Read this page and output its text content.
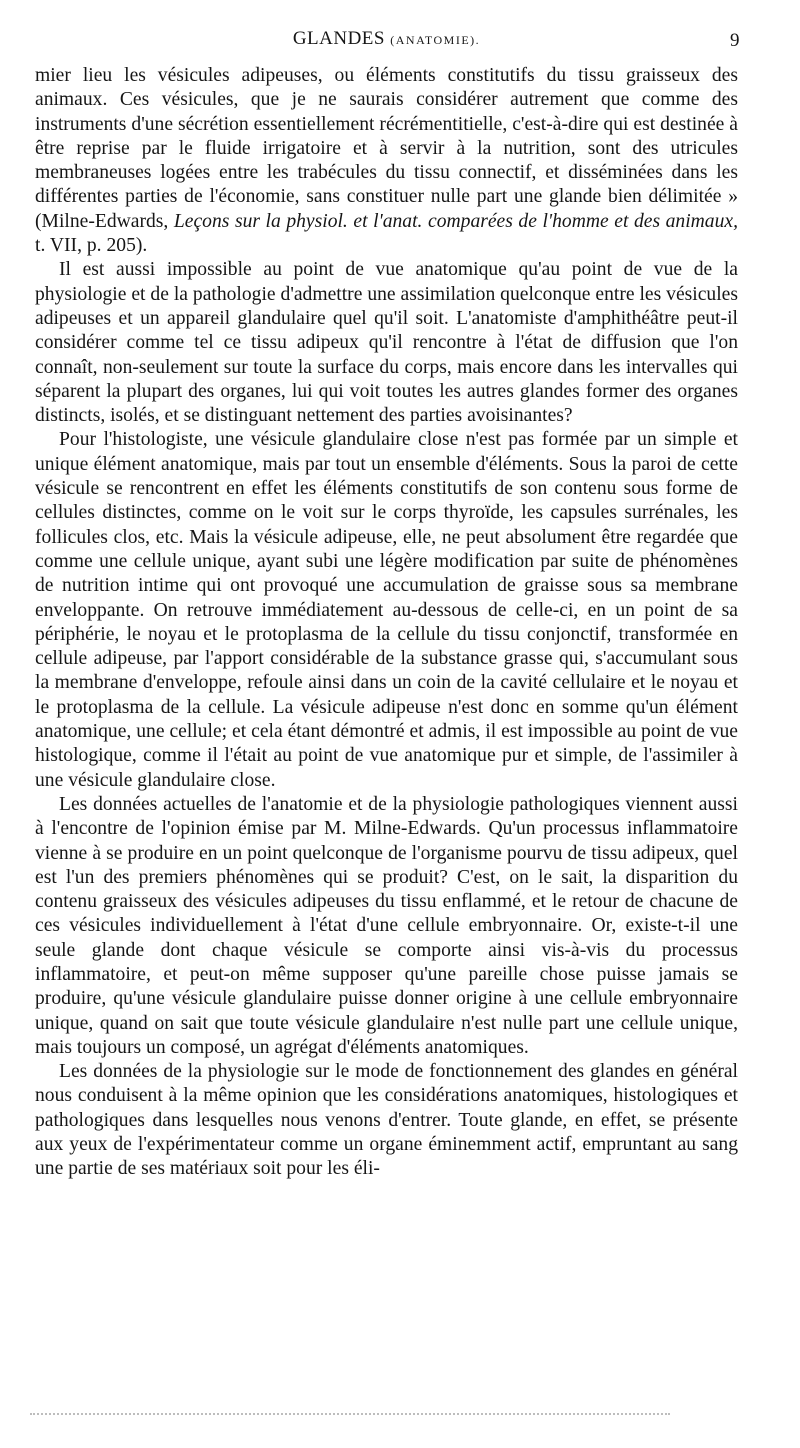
GLANDES (ANATOMIE).	9

mier lieu les vésicules adipeuses, ou éléments constitutifs du tissu graisseux des animaux. Ces vésicules, que je ne saurais considérer autrement que comme des instruments d'une sécrétion essentiellement récrémentitielle, c'est-à-dire qui est destinée à être reprise par le fluide irrigatoire et à servir à la nutrition, sont des utricules membraneuses logées entre les trabécules du tissu connectif, et disséminées dans les différentes parties de l'économie, sans constituer nulle part une glande bien délimitée » (Milne-Edwards, Leçons sur la physiol. et l'anat. comparées de l'homme et des animaux, t. VII, p. 205).

Il est aussi impossible au point de vue anatomique qu'au point de vue de la physiologie et de la pathologie d'admettre une assimilation quelconque entre les vésicules adipeuses et un appareil glandulaire quel qu'il soit. L'anatomiste d'amphithéâtre peut-il considérer comme tel ce tissu adipeux qu'il rencontre à l'état de diffusion que l'on connaît, non-seulement sur toute la surface du corps, mais encore dans les intervalles qui séparent la plupart des organes, lui qui voit toutes les autres glandes former des organes distincts, isolés, et se distinguant nettement des parties avoisinantes?

Pour l'histologiste, une vésicule glandulaire close n'est pas formée par un simple et unique élément anatomique, mais par tout un ensemble d'éléments. Sous la paroi de cette vésicule se rencontrent en effet les éléments constitutifs de son contenu sous forme de cellules distinctes, comme on le voit sur le corps thyroïde, les capsules surrénales, les follicules clos, etc. Mais la vésicule adipeuse, elle, ne peut absolument être regardée que comme une cellule unique, ayant subi une légère modification par suite de phénomènes de nutrition intime qui ont provoqué une accumulation de graisse sous sa membrane enveloppante. On retrouve immédiatement au-dessous de celle-ci, en un point de sa périphérie, le noyau et le protoplasma de la cellule du tissu conjonctif, transformée en cellule adipeuse, par l'apport considérable de la substance grasse qui, s'accumulant sous la membrane d'enveloppe, refoule ainsi dans un coin de la cavité cellulaire et le noyau et le protoplasma de la cellule. La vésicule adipeuse n'est donc en somme qu'un élément anatomique, une cellule; et cela étant démontré et admis, il est impossible au point de vue histologique, comme il l'était au point de vue anatomique pur et simple, de l'assimiler à une vésicule glandulaire close.

Les données actuelles de l'anatomie et de la physiologie pathologiques viennent aussi à l'encontre de l'opinion émise par M. Milne-Edwards. Qu'un processus inflammatoire vienne à se produire en un point quelconque de l'organisme pourvu de tissu adipeux, quel est l'un des premiers phénomènes qui se produit? C'est, on le sait, la disparition du contenu graisseux des vésicules adipeuses du tissu enflammé, et le retour de chacune de ces vésicules individuellement à l'état d'une cellule embryonnaire. Or, existe-t-il une seule glande dont chaque vésicule se comporte ainsi vis-à-vis du processus inflammatoire, et peut-on même supposer qu'une pareille chose puisse jamais se produire, qu'une vésicule glandulaire puisse donner origine à une cellule embryonnaire unique, quand on sait que toute vésicule glandulaire n'est nulle part une cellule unique, mais toujours un composé, un agrégat d'éléments anatomiques.

Les données de la physiologie sur le mode de fonctionnement des glandes en général nous conduisent à la même opinion que les considérations anatomiques, histologiques et pathologiques dans lesquelles nous venons d'entrer. Toute glande, en effet, se présente aux yeux de l'expérimentateur comme un organe éminemment actif, empruntant au sang une partie de ses matériaux soit pour les éli-
